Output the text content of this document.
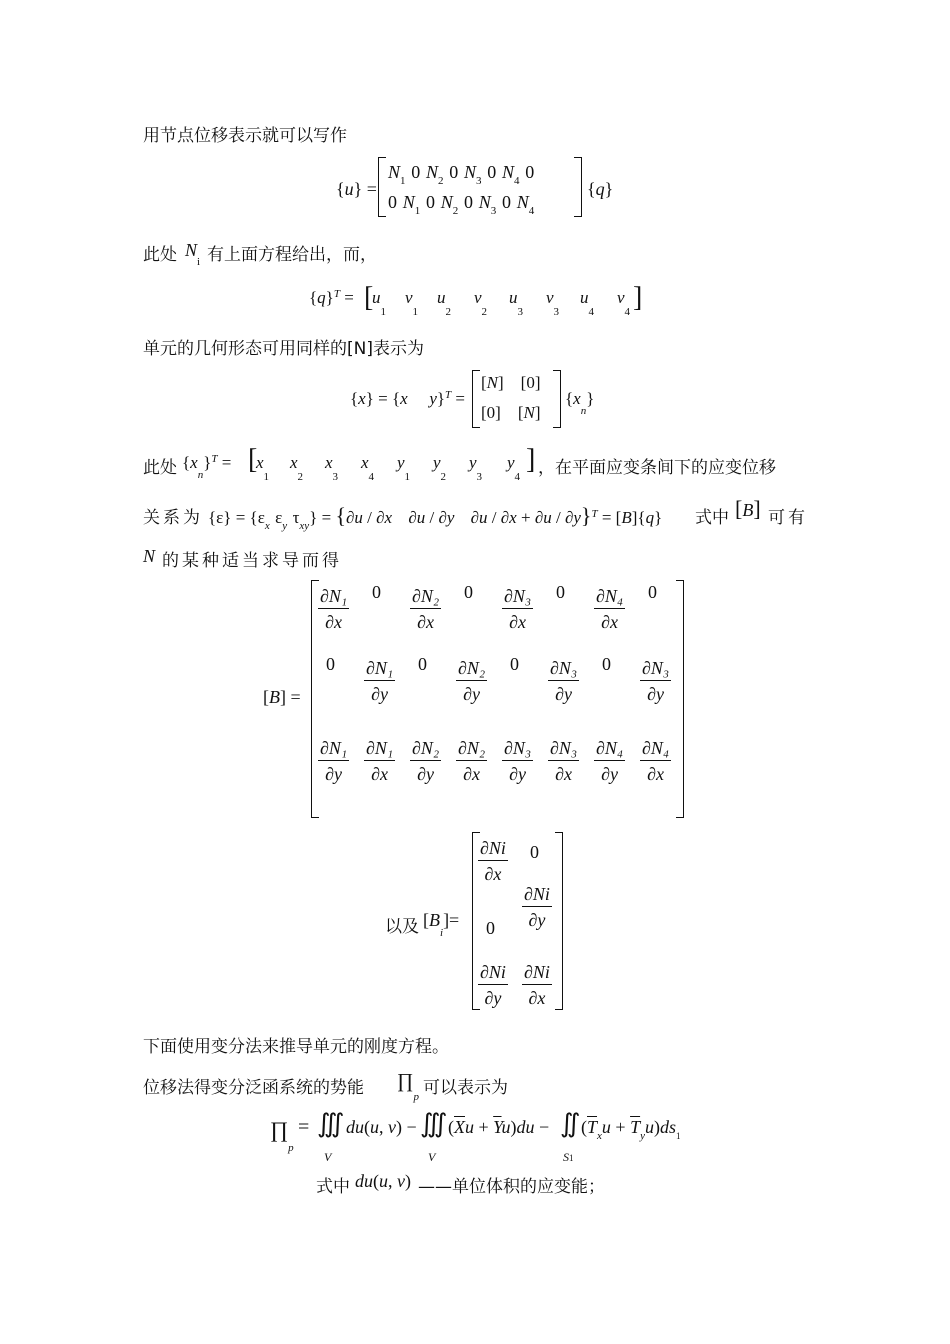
用节点位移表示就可以写作
{u} =
$N_1$ 0 $N_2$ 0 $N_3$ 0 $N_4$ 0
0 $N_1$ 0 $N_2$ 0 $N_3$ 0 $N_4$
{q}
此处 $N_i$ 有上面方程给出，而，
$\{q\}^T$ = [
$u_1$
$v_1$
$u_2$
$v_2$
$u_3$
$v_3$
$u_4$
$v_4$ ]
单元的几何形态可用同样的[N]表示为
{x} = {x y}$^T$ =
[N]    [0]
[0]    [N]
$\{x_n\}$
此处 $\{x_n\}^T$ = [
$x_1$
$x_2$
$x_3$
$x_4$
$y_1$
$y_2$
$y_3$
$y_4$
] ，在平面应变条间下的应变位移
关系为 $\{\varepsilon\} = \{\varepsilon_x$ $\varepsilon_y$ $\tau_{xy}\} = \{\partial u / \partial x$ ∂u / ∂y ∂u / ∂x + ∂u / ∂y}$^T$ = [B]{q} 式中 [B] 可有
N 的某种适当求导而得
[B] =
$\frac{\text{∂N₁}}{\partial x} 0 \frac{\text{∂N₂}}{\partial x} 0 \frac{\text{∂N₃}}{\partial x} 0 \frac{\text{∂N₄}}{\partial x} 0$
$0 \frac{\text{∂N₁}}{\partial y} 0 \frac{\text{∂N₂}}{\partial y} 0 \frac{\text{∂N₃}}{\partial y} 0 \frac{\text{∂N₃}}{\partial y}$
$\frac{\text{∂N₁}}{\partial y} \frac{\text{∂N₁}}{\partial x} \frac{\text{∂N₂}}{\partial y} \frac{\text{∂N₂}}{\partial x} \frac{\text{∂N₃}}{\partial y} \frac{\text{∂N₃}}{\partial x} \frac{\text{∂N₄}}{\partial y} \frac{\text{∂N₄}}{\partial x}$
以及 $[B_i]=$
$\frac{\partial Ni}{\partial x} 0$
$0 \frac{\partial Ni}{\partial y}$
$\frac{\partial Ni}{\partial y} \frac{\partial Ni}{\partial x}$
下面使用变分法来推导单元的刚度方程。
位移法得变分泛函系统的势能 $\prod_p$ 可以表示为
$\prod_p$
= ∭
V
du(u, v) − ∭
V
$(\overline{X}u + \overline{Y}u)du$ − ∬
S1
$(\overline{T}_xu + \overline{T}_yu)ds_1$
式中 du(u, v) ——单位体积的应变能；
